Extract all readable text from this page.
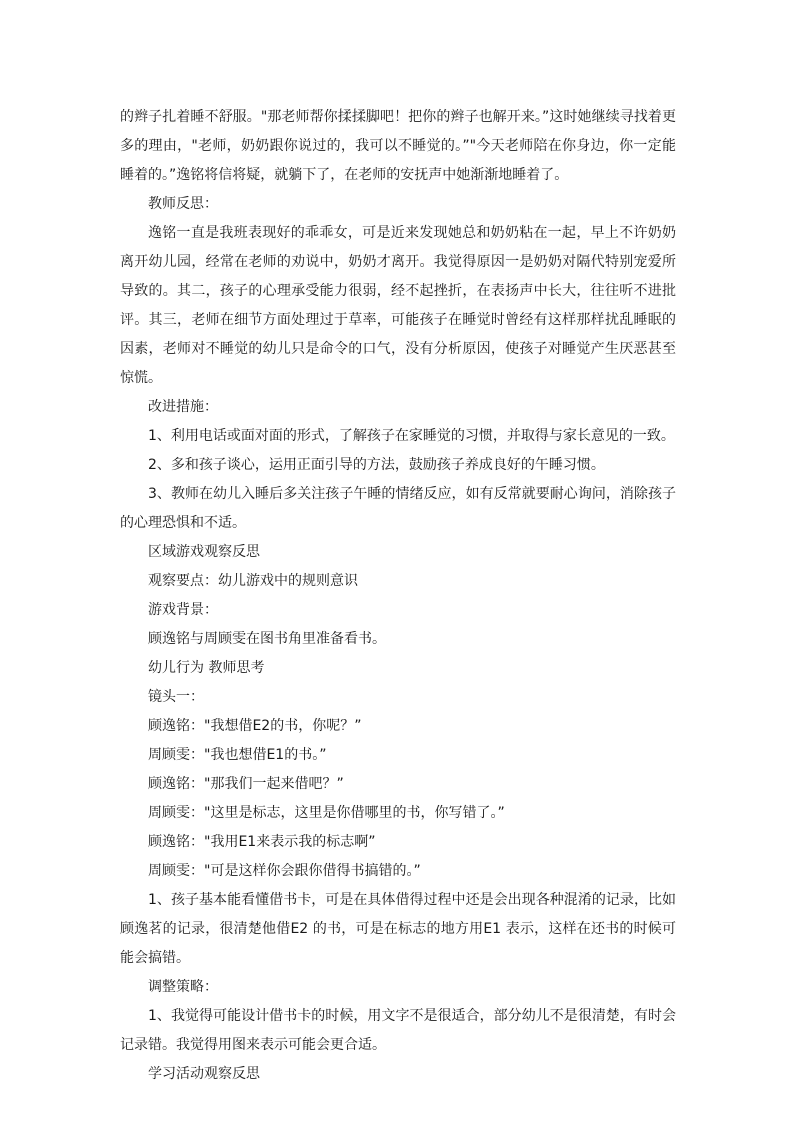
的辫子扎着睡不舒服。"那老师帮你揉揉脚吧！把你的辫子也解开来。”这时她继续寻找着更多的理由，"老师，奶奶跟你说过的，我可以不睡觉的。”"今天老师陪在你身边，你一定能睡着的。”逸铭将信将疑，就躺下了，在老师的安抚声中她渐渐地睡着了。

教师反思：

逸铭一直是我班表现好的乖乖女，可是近来发现她总和奶奶粘在一起，早上不许奶奶离开幼儿园，经常在老师的劝说中，奶奶才离开。我觉得原因一是奶奶对隔代特别宠爱所导致的。其二，孩子的心理承受能力很弱，经不起挫折，在表扬声中长大，往往听不进批评。其三，老师在细节方面处理过于草率，可能孩子在睡觉时曾经有这样那样扰乱睡眠的因素，老师对不睡觉的幼儿只是命令的口气，没有分析原因，使孩子对睡觉产生厌恶甚至惊慌。

改进措施：

1、利用电话或面对面的形式，了解孩子在家睡觉的习惯，并取得与家长意见的一致。

2、多和孩子谈心，运用正面引导的方法，鼓励孩子养成良好的午睡习惯。

3、教师在幼儿入睡后多关注孩子午睡的情绪反应，如有反常就要耐心询问，消除孩子的心理恐惧和不适。

区域游戏观察反思

观察要点：幼儿游戏中的规则意识

游戏背景：

顾逸铭与周顾雯在图书角里准备看书。

幼儿行为 教师思考

镜头一：

顾逸铭："我想借E2的书，你呢？”

周顾雯："我也想借E1的书。”

顾逸铭："那我们一起来借吧？”

周顾雯："这里是标志，这里是你借哪里的书，你写错了。”

顾逸铭："我用E1来表示我的标志啊”

周顾雯："可是这样你会跟你借得书搞错的。”

1、孩子基本能看懂借书卡，可是在具体借得过程中还是会出现各种混淆的记录，比如顾逸茗的记录，很清楚他借E2 的书，可是在标志的地方用E1 表示，这样在还书的时候可能会搞错。

调整策略：

1、我觉得可能设计借书卡的时候，用文字不是很适合，部分幼儿不是很清楚，有时会记录错。我觉得用图来表示可能会更合适。

学习活动观察反思
